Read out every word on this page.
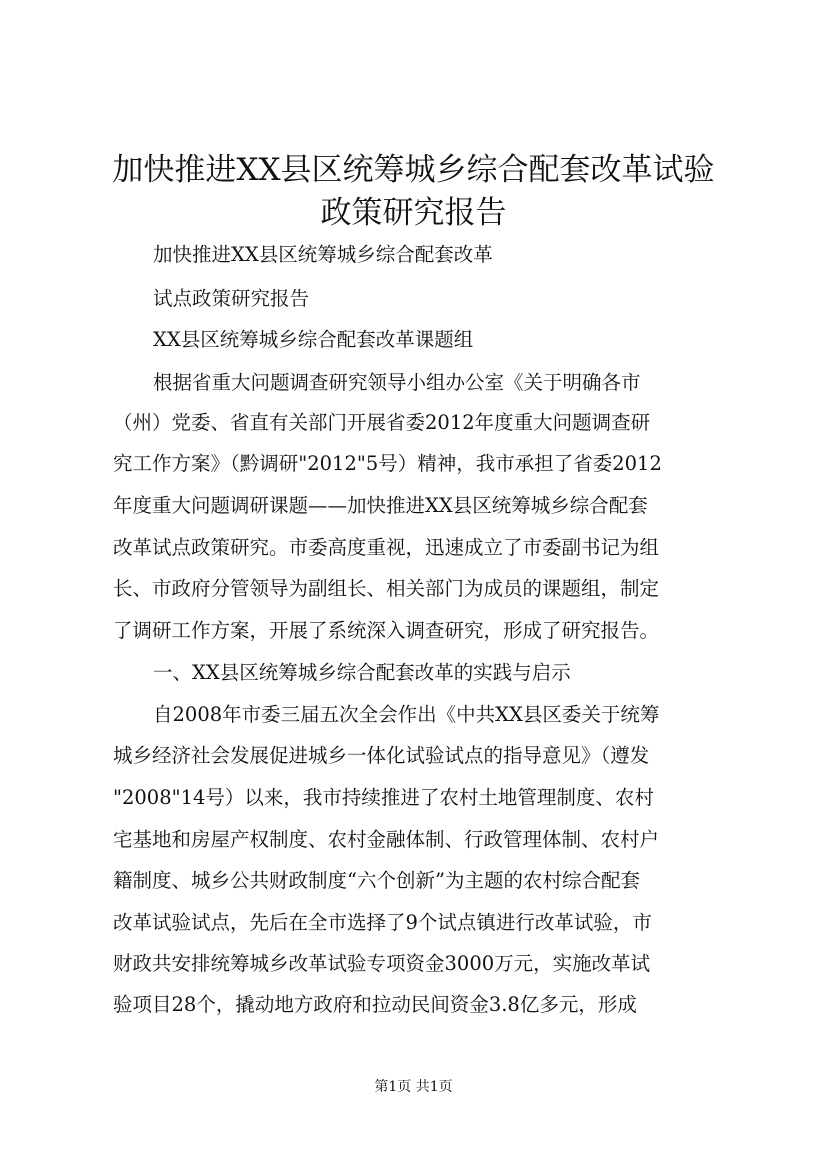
加快推进XX县区统筹城乡综合配套改革试验
政策研究报告
加快推进XX县区统筹城乡综合配套改革
试点政策研究报告
XX县区统筹城乡综合配套改革课题组
根据省重大问题调查研究领导小组办公室《关于明确各市
（州）党委、省直有关部门开展省委2012年度重大问题调查研
究工作方案》（黔调研"2012"5号）精神，我市承担了省委2012
年度重大问题调研课题——加快推进XX县区统筹城乡综合配套
改革试点政策研究。市委高度重视，迅速成立了市委副书记为组
长、市政府分管领导为副组长、相关部门为成员的课题组，制定
了调研工作方案，开展了系统深入调查研究，形成了研究报告。
一、XX县区统筹城乡综合配套改革的实践与启示
自2008年市委三届五次全会作出《中共XX县区委关于统筹
城乡经济社会发展促进城乡一体化试验试点的指导意见》（遵发
"2008"14号）以来，我市持续推进了农村土地管理制度、农村
宅基地和房屋产权制度、农村金融体制、行政管理体制、农村户
籍制度、城乡公共财政制度“六个创新”为主题的农村综合配套
改革试验试点，先后在全市选择了9个试点镇进行改革试验，市
财政共安排统筹城乡改革试验专项资金3000万元，实施改革试
验项目28个，撬动地方政府和拉动民间资金3.8亿多元，形成
第1页 共1页
